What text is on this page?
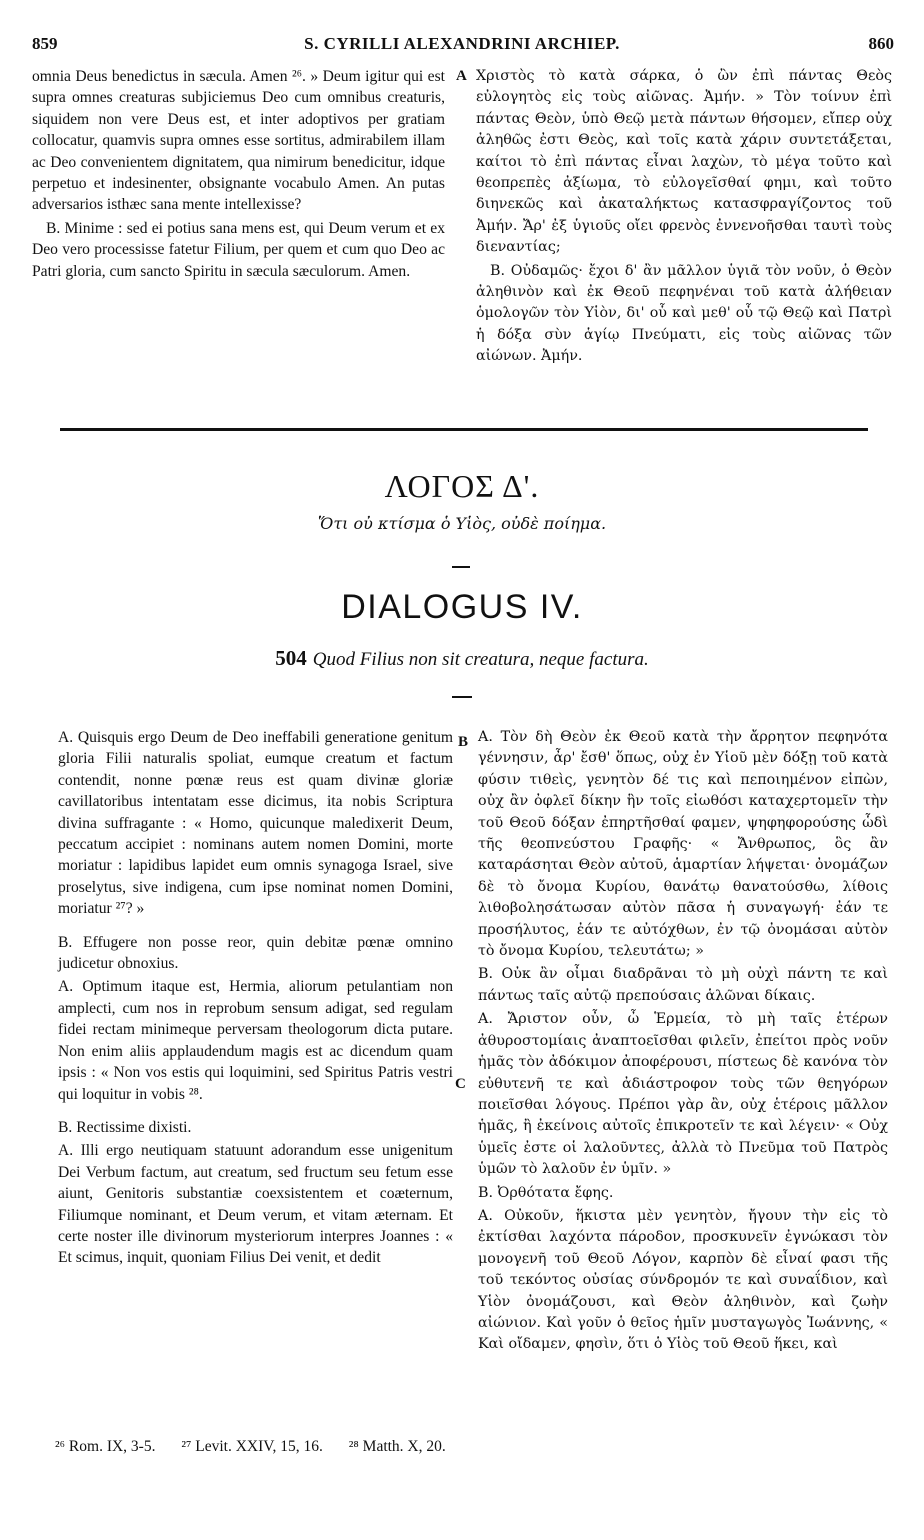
859	S. CYRILLI ALEXANDRINI ARCHIEP.	860

omnia Deus benedictus in sæcula. Amen ²⁶. » Deum igitur qui est supra omnes creaturas subjiciemus Deo cum omnibus creaturis, siquidem non vere Deus est, et inter adoptivos per gratiam collocatur, quamvis supra omnes esse sortitus, admirabilem illam ac Deo convenientem dignitatem, qua nimirum benedicitur, idque perpetuo et indesinenter, obsignante vocabulo Amen. An putas adversarios isthæc sana mente intellexisse?

B. Minime : sed ei potius sana mens est, qui Deum verum et ex Deo vero processisse fatetur Filium, per quem et cum quo Deo ac Patri gloria, cum sancto Spiritu in sæcula sæculorum. Amen.

A Χριστὸς τὸ κατὰ σάρκα, ὁ ὢν ἐπὶ πάντας Θεὸς εὐλογητὸς εἰς τοὺς αἰῶνας. Ἀμήν. » Τὸν τοίνυν ἐπὶ πάντας Θεὸν, ὑπὸ Θεῷ μετὰ πάντων θήσομεν, εἴπερ οὐχ ἀληθῶς ἐστι Θεὸς, καὶ τοῖς κατὰ χάριν συντετάξεται, καίτοι τὸ ἐπὶ πάντας εἶναι λαχὼν, τὸ μέγα τοῦτο καὶ θεοπρεπὲς ἀξίωμα, τὸ εὐλογεῖσθαί φημι, καὶ τοῦτο διηνεκῶς καὶ ἀκαταλήκτως κατασφραγίζοντος τοῦ Ἀμήν. Ἄρ' ἐξ ὑγιοῦς οἴει φρενὸς ἐννενοῆσθαι ταυτὶ τοὺς διεναντίας;

Β. Οὐδαμῶς· ἔχοι δ' ἂν μᾶλλον ὑγιᾶ τὸν νοῦν, ὁ Θεὸν ἀληθινὸν καὶ ἐκ Θεοῦ πεφηνέναι τοῦ κατὰ ἀλήθειαν ὁμολογῶν τὸν Υἱὸν, δι' οὗ καὶ μεθ' οὗ τῷ Θεῷ καὶ Πατρὶ ἡ δόξα σὺν ἁγίῳ Πνεύματι, εἰς τοὺς αἰῶνας τῶν αἰώνων. Ἀμήν.

ΛΟΓΟΣ Δ'.
Ὅτι οὐ κτίσμα ὁ Υἱὸς, οὐδὲ ποίημα.
DIALOGUS IV.
504 Quod Filius non sit creatura, neque factura.

A. Quisquis ergo Deum de Deo ineffabili generatione genitum gloria Filii naturalis spoliat, eumque creatum et factum contendit, nonne pœnæ reus est quam divinæ gloriæ cavillatoribus intentatam esse dicimus, ita nobis Scriptura divina suffragante : « Homo, quicunque maledixerit Deum, peccatum accipiet : nominans autem nomen Domini, morte moriatur : lapidibus lapidet eum omnis synagoga Israel, sive proselytus, sive indigena, cum ipse nominat nomen Domini, moriatur ²⁷? »

B. Effugere non posse reor, quin debitæ pœnæ omnino judicetur obnoxius.

A. Optimum itaque est, Hermia, aliorum petulantiam non amplecti, cum nos in reprobum sensum adigat, sed regulam fidei rectam minimeque perversam theologorum dicta putare. Non enim aliis applaudendum magis est ac dicendum quam ipsis : « Non vos estis qui loquimini, sed Spiritus Patris vestri qui loquitur in vobis ²⁸.

B. Rectissime dixisti.

A. Illi ergo neutiquam statuunt adorandum esse unigenitum Dei Verbum factum, aut creatum, sed fructum seu fetum esse aiunt, Genitoris substantiæ coexsistentem et coæternum, Filiumque nominant, et Deum verum, et vitam æternam. Et certe noster ille divinorum mysteriorum interpres Joannes : « Et scimus, inquit, quoniam Filius Dei venit, et dedit

B
C

Α. Τὸν δὴ Θεὸν ἐκ Θεοῦ κατὰ τὴν ἄρρητον πεφηνότα γέννησιν, ἆρ' ἔσθ' ὅπως, οὐχ ἐν Υἱοῦ μὲν δόξῃ τοῦ κατὰ φύσιν τιθεὶς, γενητὸν δέ τις καὶ πεποιημένον εἰπὼν, οὐχ ἂν ὀφλεῖ δίκην ἣν τοῖς εἰωθόσι καταχερτομεῖν τὴν τοῦ Θεοῦ δόξαν ἐπηρτῆσθαί φαμεν, ψηφηφορούσης ὧδὶ τῆς θεοπνεύστου Γραφῆς· « Ἄνθρωπος, ὃς ἂν καταράσηται Θεὸν αὐτοῦ, ἁμαρτίαν λήψεται· ὀνομάζων δὲ τὸ ὄνομα Κυρίου, θανάτῳ θανατούσθω, λίθοις λιθοβολησάτωσαν αὐτὸν πᾶσα ἡ συναγωγή· ἐάν τε προσήλυτος, ἐάν τε αὐτόχθων, ἐν τῷ ὀνομάσαι αὐτὸν τὸ ὄνομα Κυρίου, τελευτάτω; »

Β. Οὐκ ἂν οἶμαι διαδρᾶναι τὸ μὴ οὐχὶ πάντη τε καὶ πάντως ταῖς αὐτῷ πρεπούσαις ἁλῶναι δίκαις.

Α. Ἄριστον οὖν, ὦ Ἑρμεία, τὸ μὴ ταῖς ἑτέρων ἀθυροστομίαις ἀναπτοεῖσθαι φιλεῖν, ἐπείτοι πρὸς νοῦν ἡμᾶς τὸν ἀδόκιμον ἀποφέρουσι, πίστεως δὲ κανόνα τὸν εὐθυτενῆ τε καὶ ἀδιάστροφον τοὺς τῶν θεηγόρων ποιεῖσθαι λόγους. Πρέποι γὰρ ἂν, οὐχ ἑτέροις μᾶλλον ἡμᾶς, ἢ ἐκείνοις αὐτοῖς ἐπικροτεῖν τε καὶ λέγειν· « Οὐχ ὑμεῖς ἐστε οἱ λαλοῦντες, ἀλλὰ τὸ Πνεῦμα τοῦ Πατρὸς ὑμῶν τὸ λαλοῦν ἐν ὑμῖν. »

Β. Ὀρθότατα ἔφης.

Α. Οὐκοῦν, ἥκιστα μὲν γενητὸν, ἤγουν τὴν εἰς τὸ ἐκτίσθαι λαχόντα πάροδον, προσκυνεῖν ἐγνώκασι τὸν μονογενῆ τοῦ Θεοῦ Λόγον, καρπὸν δὲ εἶναί φασι τῆς τοῦ τεκόντος οὐσίας σύνδρομόν τε καὶ συναΐδιον, καὶ Υἱὸν ὀνομάζουσι, καὶ Θεὸν ἀληθινὸν, καὶ ζωὴν αἰώνιον. Καὶ γοῦν ὁ θεῖος ἡμῖν μυσταγωγὸς Ἰωάννης, « Καὶ οἴδαμεν, φησὶν, ὅτι ὁ Υἱὸς τοῦ Θεοῦ ἥκει, καὶ

²⁶ Rom. IX, 3-5. ²⁷ Levit. XXIV, 15, 16. ²⁸ Matth. X, 20.
